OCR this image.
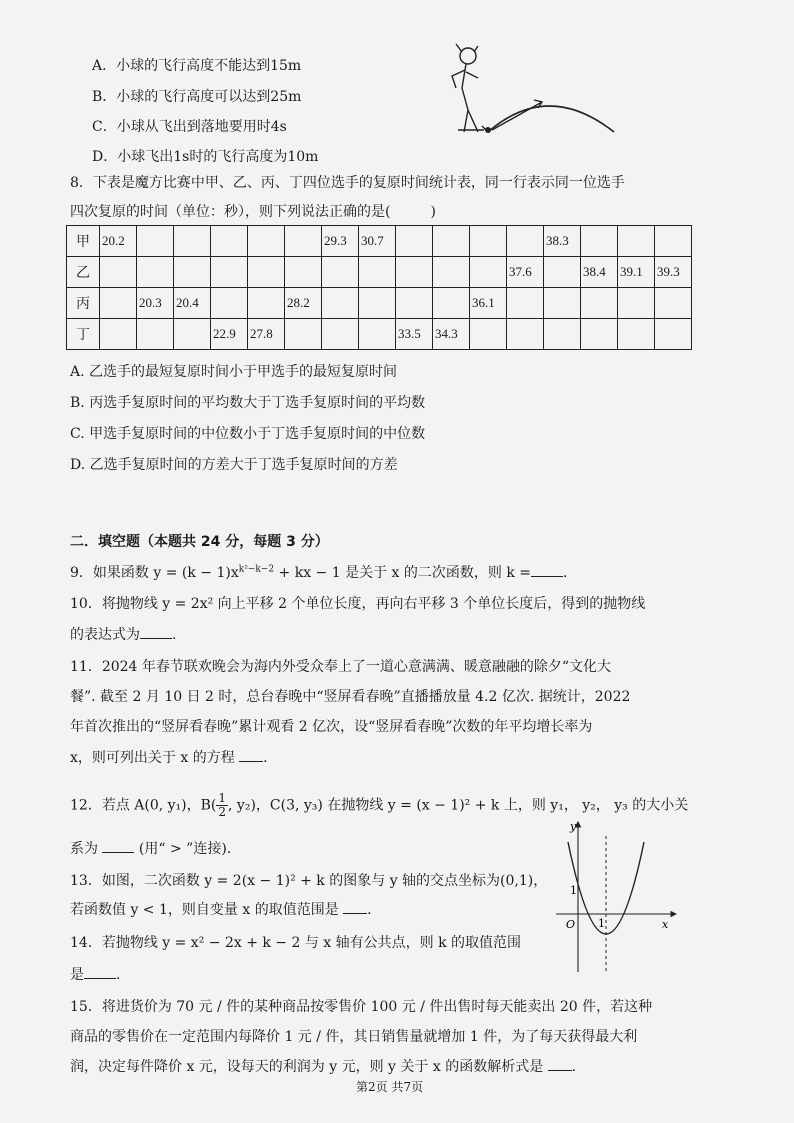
A．小球的飞行高度不能达到15m
B．小球的飞行高度可以达到25m
C．小球从飞出到落地要用时4s
D．小球飞出1s时的飞行高度为10m
8．下表是魔方比赛中甲、乙、丙、丁四位选手的复原时间统计表，同一行表示同一位选手
四次复原的时间（单位：秒），则下列说法正确的是(	)
甲	20.2						29.3	30.7					38.3			
乙												37.6		38.4	39.1	39.3
丙		20.3	20.4			28.2					36.1					
丁				22.9	27.8				33.5	34.3						
A. 乙选手的最短复原时间小于甲选手的最短复原时间
B. 丙选手复原时间的平均数大于丁选手复原时间的平均数
C. 甲选手复原时间的中位数小于丁选手复原时间的中位数
D. 乙选手复原时间的方差大于丁选手复原时间的方差
二．填空题（本题共 24 分，每题 3 分）
9．如果函数 $y = (k - 1)x^{k^2-k-2}$ + kx − 1 是关于 x 的二次函数，则 k = .
10．将抛物线 y = 2x² 向上平移 2 个单位长度，再向右平移 3 个单位长度后，得到的抛物线
的表达式为 .
11．2024 年春节联欢晚会为海内外受众奉上了一道心意满满、暖意融融的除夕“文化大
餐”. 截至 2 月 10 日 2 时，总台春晚中“竖屏看春晚”直播播放量 4.2 亿次. 据统计，2022
年首次推出的“竖屏看春晚”累计观看 2 亿次，设“竖屏看春晚”次数的年平均增长率为
x，则可列出关于 x 的方程 .
12．若点 A(0, y₁)，$B( \frac{1}{2}$ , y₂)，C(3, y₃) 在抛物线 y = (x − 1)² + k 上，则 y₁， y₂， y₃ 的大小关
系为	(用“ > ”连接).
13．如图，二次函数 y = 2(x − 1)² + k 的图象与 y 轴的交点坐标为(0,1)，
若函数值 y < 1，则自变量 x 的取值范围是 .
14．若抛物线 y = x² − 2x + k − 2 与 x 轴有公共点，则 k 的取值范围
是 .
y
x
O
1
1
15．将进货价为 70 元 / 件的某种商品按零售价 100 元 / 件出售时每天能卖出 20 件，若这种
商品的零售价在一定范围内每降价 1 元 / 件，其日销售量就增加 1 件，为了每天获得最大利
润，决定每件降价 x 元，设每天的利润为 y 元，则 y 关于 x 的函数解析式是 .
第2页 共7页
